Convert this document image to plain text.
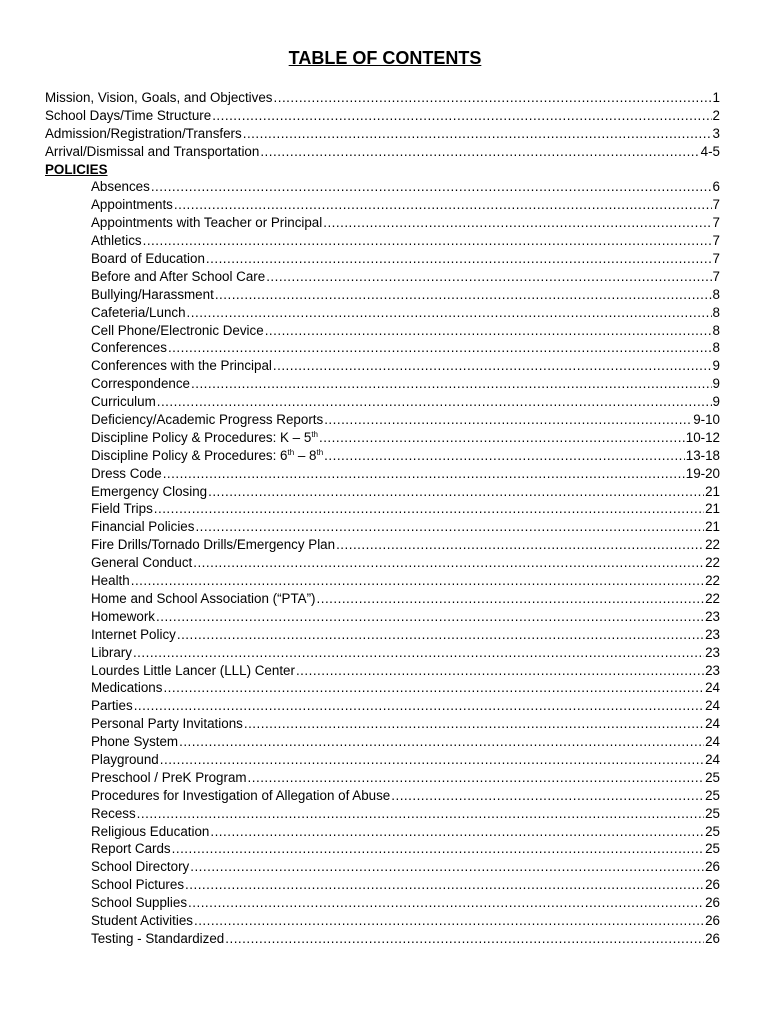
TABLE OF CONTENTS
Mission, Vision, Goals, and Objectives .....	1
School Days/Time Structure .....	2
Admission/Registration/Transfers .....	3
Arrival/Dismissal and Transportation .....	4-5
POLICIES
Absences .....	6
Appointments .....	7
Appointments with Teacher or Principal .....	7
Athletics .....	7
Board of Education .....	7
Before and After School Care .....	7
Bullying/Harassment .....	8
Cafeteria/Lunch .....	8
Cell Phone/Electronic Device .....	8
Conferences .....	8
Conferences with the Principal .....	9
Correspondence .....	9
Curriculum .....	9
Deficiency/Academic Progress Reports .....	9-10
Discipline Policy & Procedures: K – 5th .....	10-12
Discipline Policy & Procedures: 6th – 8th .....	13-18
Dress Code .....	19-20
Emergency Closing .....	21
Field Trips .....	21
Financial Policies .....	21
Fire Drills/Tornado Drills/Emergency Plan .....	22
General Conduct .....	22
Health .....	22
Home and School Association (“PTA”) .....	22
Homework .....	23
Internet Policy .....	23
Library .....	23
Lourdes Little Lancer (LLL) Center .....	23
Medications .....	24
Parties .....	24
Personal Party Invitations .....	24
Phone System .....	24
Playground .....	24
Preschool / PreK Program .....	25
Procedures for Investigation of Allegation of Abuse .....	25
Recess .....	25
Religious Education .....	25
Report Cards .....	25
School Directory .....	26
School Pictures .....	26
School Supplies .....	26
Student Activities .....	26
Testing - Standardized .....	26
